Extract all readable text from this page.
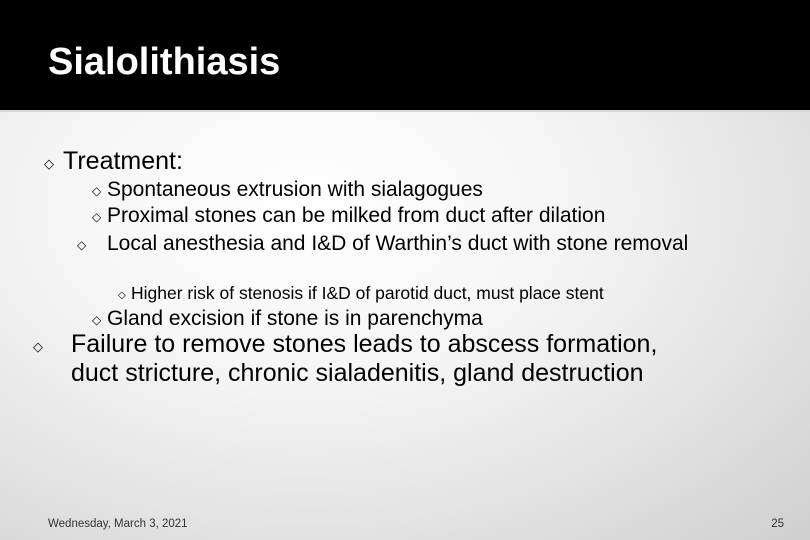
Sialolithiasis
◇ Treatment:
◇ Spontaneous extrusion with sialagogues
◇ Proximal stones can be milked from duct after dilation
◇ Local anesthesia and I&D of Warthin’s duct with stone removal
◇ Higher risk of stenosis if I&D of parotid duct, must place stent
◇ Gland excision if stone is in parenchyma
◇ Failure to remove stones leads to abscess formation, duct stricture, chronic sialadenitis, gland destruction
Wednesday, March 3, 2021	25
